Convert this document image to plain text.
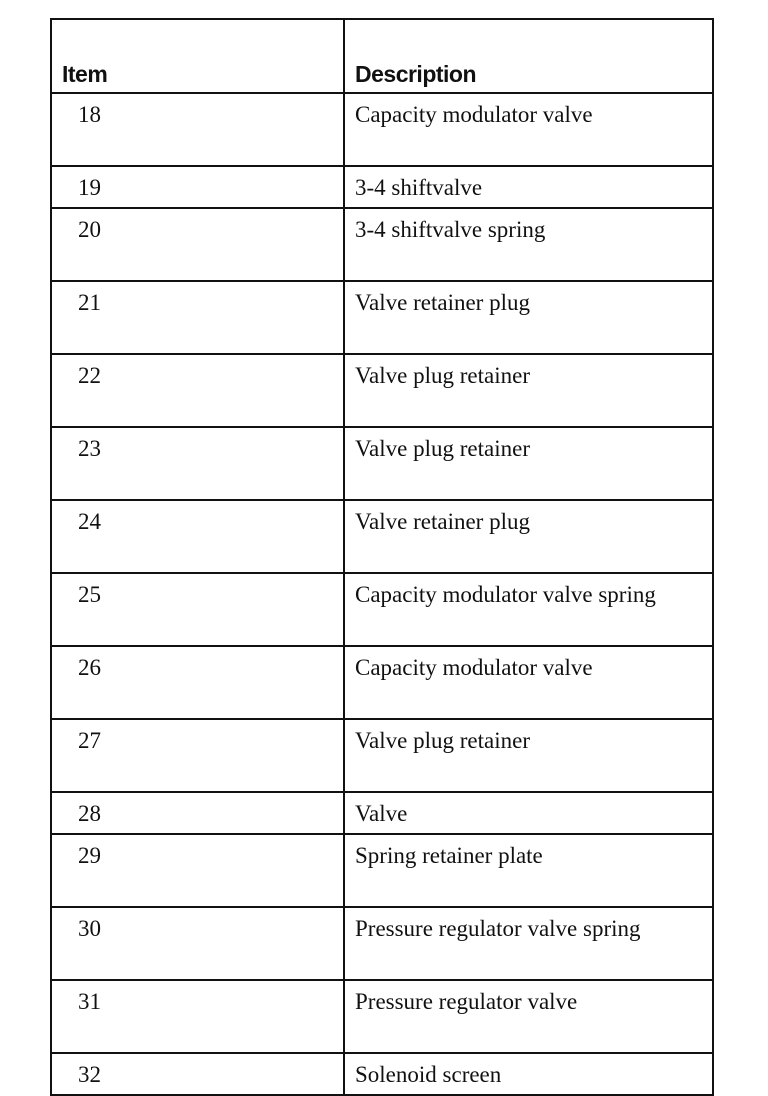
Item	Description
18	Capacity modulator valve
19	3-4 shiftvalve
20	3-4 shiftvalve spring
21	Valve retainer plug
22	Valve plug retainer
23	Valve plug retainer
24	Valve retainer plug
25	Capacity modulator valve spring
26	Capacity modulator valve
27	Valve plug retainer
28	Valve
29	Spring retainer plate
30	Pressure regulator valve spring
31	Pressure regulator valve
32	Solenoid screen
